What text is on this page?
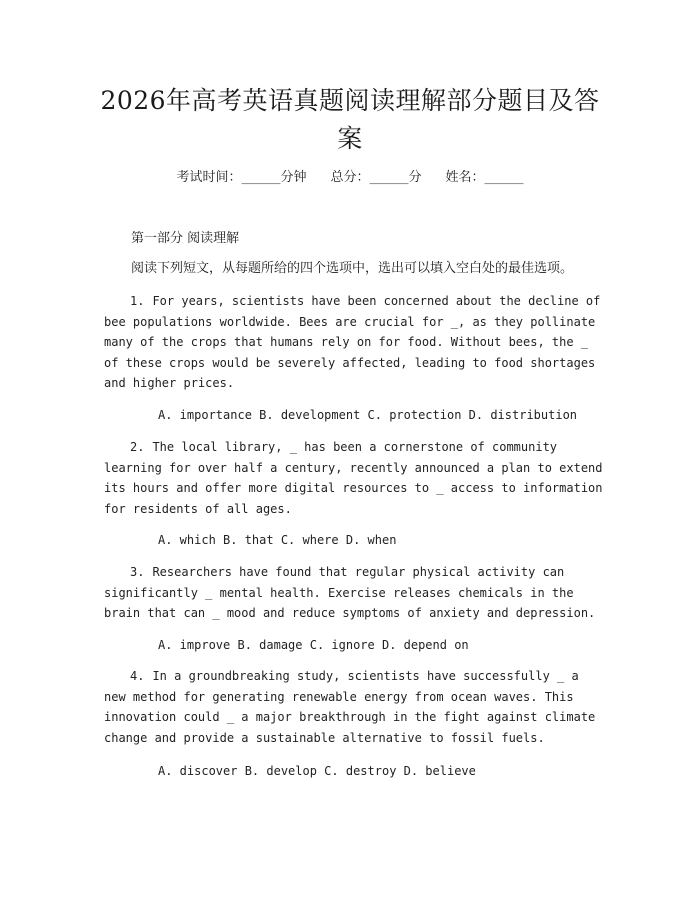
2026年高考英语真题阅读理解部分题目及答案
考试时间：______分钟 总分：______分 姓名：______
第一部分 阅读理解
阅读下列短文，从每题所给的四个选项中，选出可以填入空白处的最佳选项。
1. For years, scientists have been concerned about the decline of bee populations worldwide. Bees are crucial for _, as they pollinate many of the crops that humans rely on for food. Without bees, the _ of these crops would be severely affected, leading to food shortages and higher prices.
A. importance B. development C. protection D. distribution
2. The local library, _ has been a cornerstone of community learning for over half a century, recently announced a plan to extend its hours and offer more digital resources to _ access to information for residents of all ages.
A. which B. that C. where D. when
3. Researchers have found that regular physical activity can significantly _ mental health. Exercise releases chemicals in the brain that can _ mood and reduce symptoms of anxiety and depression.
A. improve B. damage C. ignore D. depend on
4. In a groundbreaking study, scientists have successfully _ a new method for generating renewable energy from ocean waves. This innovation could _ a major breakthrough in the fight against climate change and provide a sustainable alternative to fossil fuels.
A. discover B. develop C. destroy D. believe
